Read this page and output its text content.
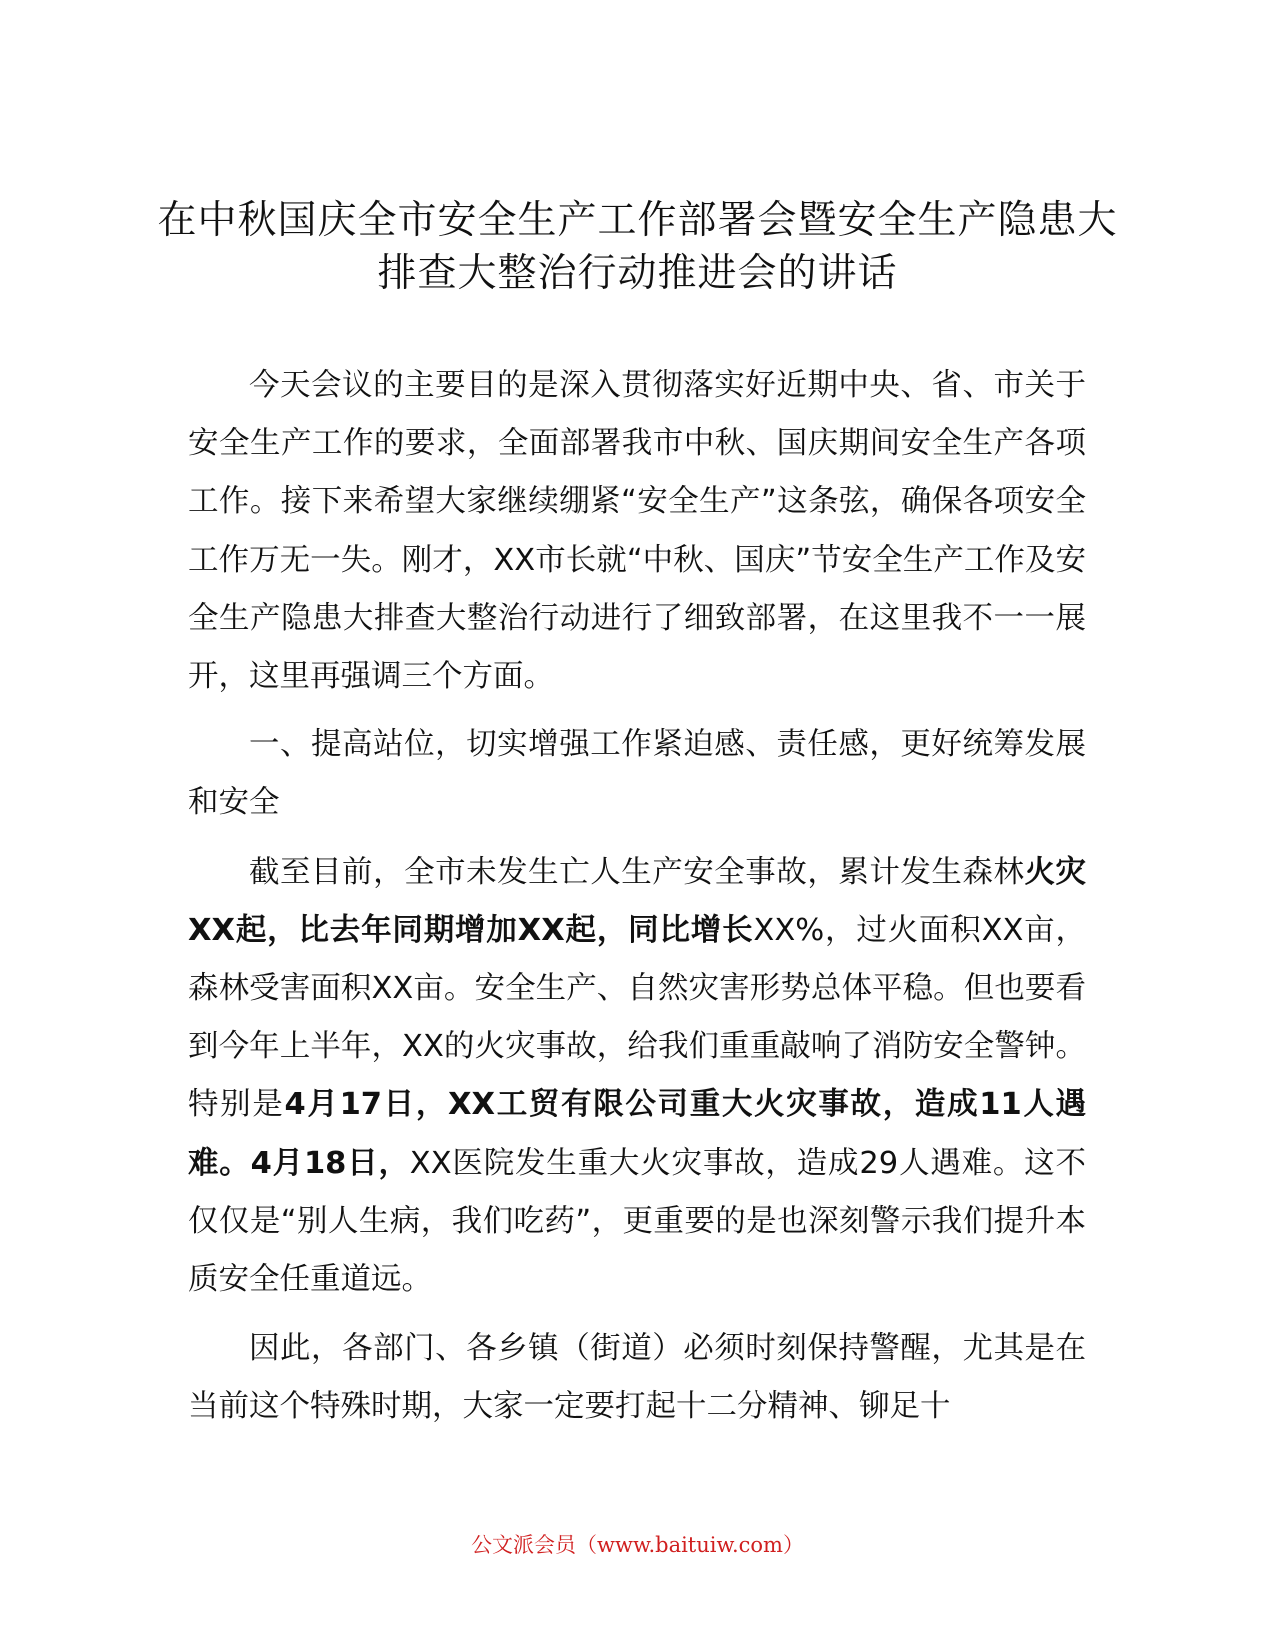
在中秋国庆全市安全生产工作部署会暨安全生产隐患大排查大整治行动推进会的讲话

今天会议的主要目的是深入贯彻落实好近期中央、省、市关于安全生产工作的要求，全面部署我市中秋、国庆期间安全生产各项工作。接下来希望大家继续绷紧“安全生产”这条弦，确保各项安全工作万无一失。刚才，XX市长就“中秋、国庆”节安全生产工作及安全生产隐患大排查大整治行动进行了细致部署，在这里我不一一展开，这里再强调三个方面。

一、提高站位，切实增强工作紧迫感、责任感，更好统筹发展和安全

截至目前，全市未发生亡人生产安全事故，累计发生森林火灾XX起，比去年同期增加XX起，同比增长XX%，过火面积XX亩，森林受害面积XX亩。安全生产、自然灾害形势总体平稳。但也要看到今年上半年，XX的火灾事故，给我们重重敲响了消防安全警钟。特别是4月17日，XX工贸有限公司重大火灾事故，造成11人遇难。4月18日，XX医院发生重大火灾事故，造成29人遇难。这不仅仅是“别人生病，我们吃药”，更重要的是也深刻警示我们提升本质安全任重道远。

因此，各部门、各乡镇（街道）必须时刻保持警醒，尤其是在当前这个特殊时期，大家一定要打起十二分精神、铆足十

公文派会员（www.baituiw.com）
